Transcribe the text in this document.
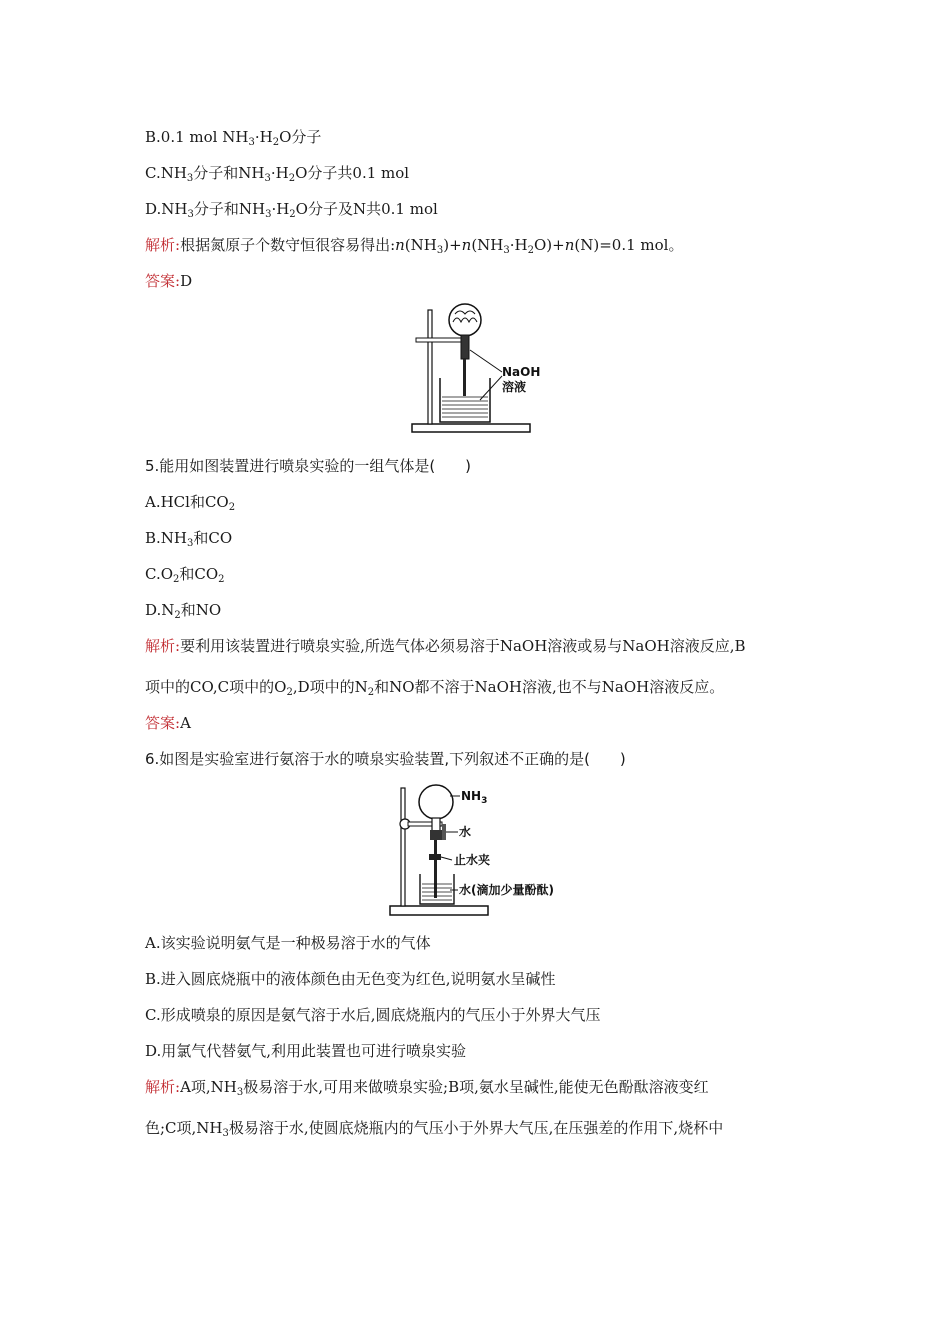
B.0.1 mol $NH_3\cdot H_2O$分子
$C.NH_3$分子和$NH_3\cdot H_2O$分子共0.1 mol
$D.NH_3$分子和$NH_3\cdot H_2O$分子及N共0.1 mol
解析:根据氮原子个数守恒很容易得出$:n(NH_3)+n(NH_3\cdot H_2O)+n(N)=0.1$ mol。
答案:D
NaOH
溶液
5.能用如图装置进行喷泉实验的一组气体是(　　)
A.HCl和$CO_2$
$B.NH_3$和CO
$C.O_2$和$CO_2$
$D.N_2$和NO
解析:要利用该装置进行喷泉实验,所选气体必须易溶于NaOH溶液或易与NaOH溶液反应,B
项中的CO,C项中的$O_2,D$项中的$N_2$和NO都不溶于NaOH溶液,也不与NaOH溶液反应。
答案:A
6.如图是实验室进行氨溶于水的喷泉实验装置,下列叙述不正确的是(　　)
$NH_3$
水
止水夹
水(滴加少量酚酞)
A.该实验说明氨气是一种极易溶于水的气体
B.进入圆底烧瓶中的液体颜色由无色变为红色,说明氨水呈碱性
C.形成喷泉的原因是氨气溶于水后,圆底烧瓶内的气压小于外界大气压
D.用氯气代替氨气,利用此装置也可进行喷泉实验
解析:A项$,NH_3$极易溶于水,可用来做喷泉实验;B项,氨水呈碱性,能使无色酚酞溶液变红
色;C项$,NH_3$极易溶于水,使圆底烧瓶内的气压小于外界大气压,在压强差的作用下,烧杯中
